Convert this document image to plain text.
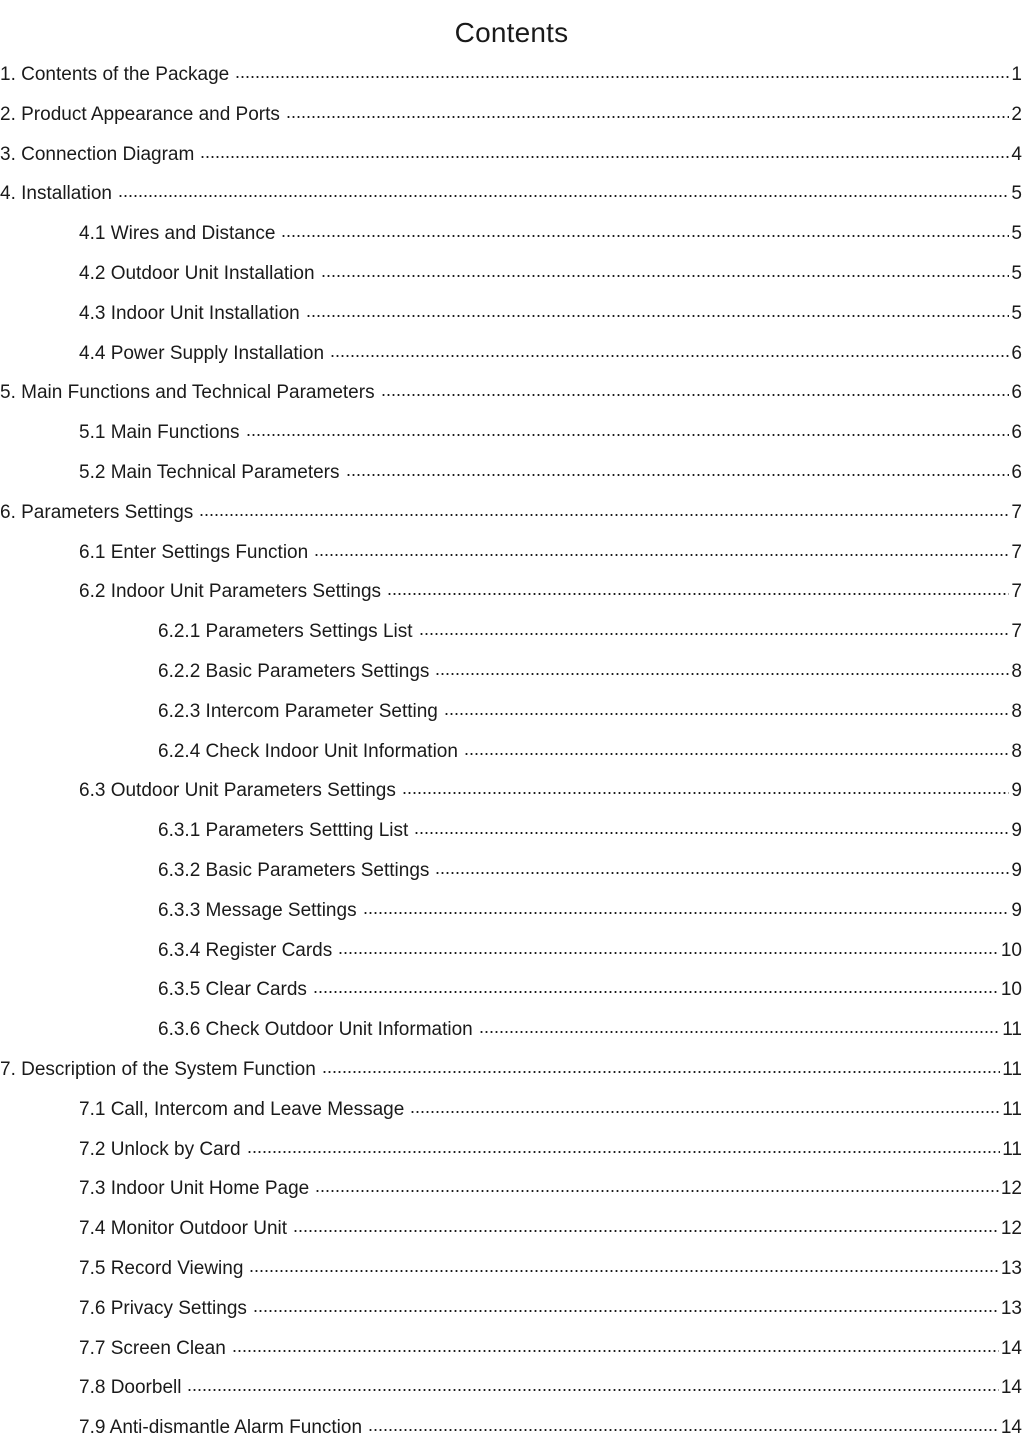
Contents
1. Contents of the Package	1
2. Product Appearance and Ports	2
3. Connection Diagram	4
4. Installation	5
4.1 Wires and Distance	5
4.2 Outdoor Unit Installation	5
4.3 Indoor Unit Installation	5
4.4 Power Supply Installation	6
5. Main Functions and Technical Parameters	6
5.1 Main Functions	6
5.2 Main Technical Parameters	6
6. Parameters Settings	7
6.1 Enter Settings Function	7
6.2 Indoor Unit Parameters Settings	7
6.2.1 Parameters Settings List	7
6.2.2 Basic Parameters Settings	8
6.2.3 Intercom Parameter Setting	8
6.2.4 Check Indoor Unit Information	8
6.3 Outdoor Unit Parameters Settings	9
6.3.1 Parameters Settting List	9
6.3.2 Basic Parameters Settings	9
6.3.3 Message Settings	9
6.3.4 Register Cards	10
6.3.5 Clear Cards	10
6.3.6 Check Outdoor Unit Information	11
7. Description of the System Function	11
7.1 Call, Intercom and Leave Message	11
7.2 Unlock by Card	11
7.3 Indoor Unit Home Page	12
7.4 Monitor Outdoor Unit	12
7.5 Record Viewing	13
7.6 Privacy Settings	13
7.7 Screen Clean	14
7.8 Doorbell	14
7.9 Anti-dismantle Alarm Function	14
